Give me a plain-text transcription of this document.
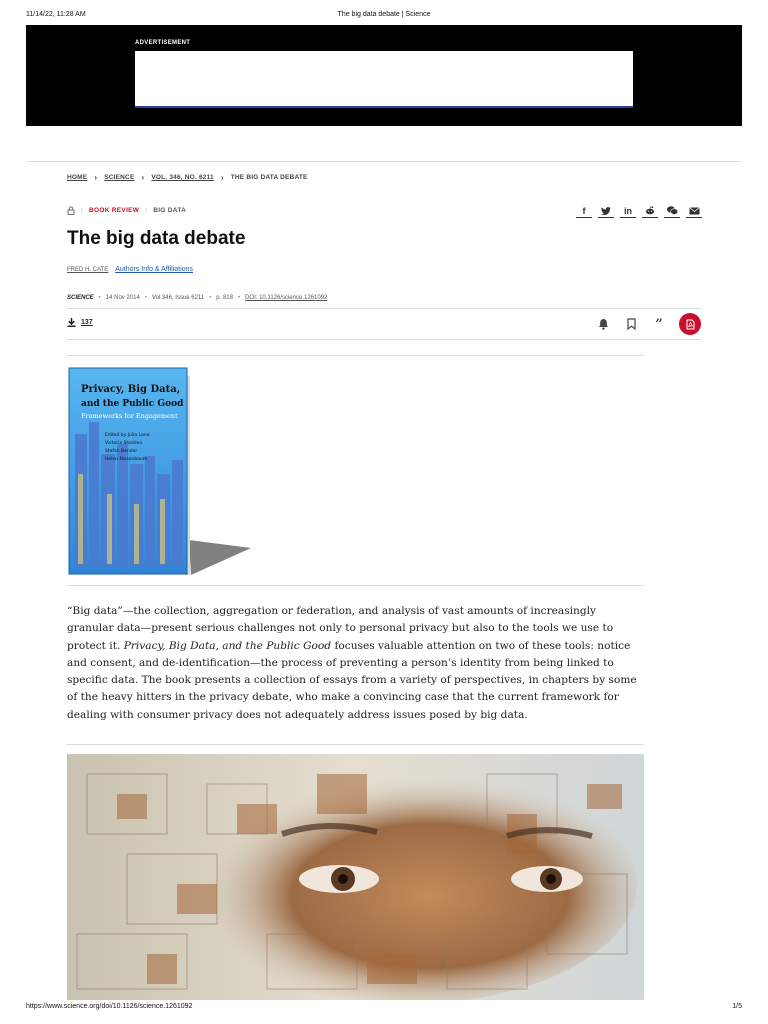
11/14/22, 11:28 AM	The big data debate | Science
ADVERTISEMENT
HOME › SCIENCE › VOL. 346, NO. 6211 › THE BIG DATA DEBATE
| BOOK REVIEW | BIG DATA	f	in
The big data debate
FRED H. CATE Authors Info & Affiliations
SCIENCE • 14 Nov 2014 • Vol 346, Issue 6211 • p. 818 • DOI: 10.1126/science.1261092
137	”
Privacy, Big Data,
and the Public Good
Frameworks for Engagement
Edited by Julia Lane
Victoria Stodden
Stefan Bender
Helen Nissenbaum

“Big data”—the collection, aggregation or federation, and analysis of vast amounts of increasingly granular data—present serious challenges not only to personal privacy but also to the tools we use to protect it. Privacy, Big Data, and the Public Good focuses valuable attention on two of these tools: notice and consent, and de-identification—the process of preventing a person’s identity from being linked to specific data. The book presents a collection of essays from a variety of perspectives, in chapters by some of the heavy hitters in the privacy debate, who make a convincing case that the current framework for dealing with consumer privacy does not adequately address issues posed by big data.

https://www.science.org/doi/10.1126/science.1261092	1/5
